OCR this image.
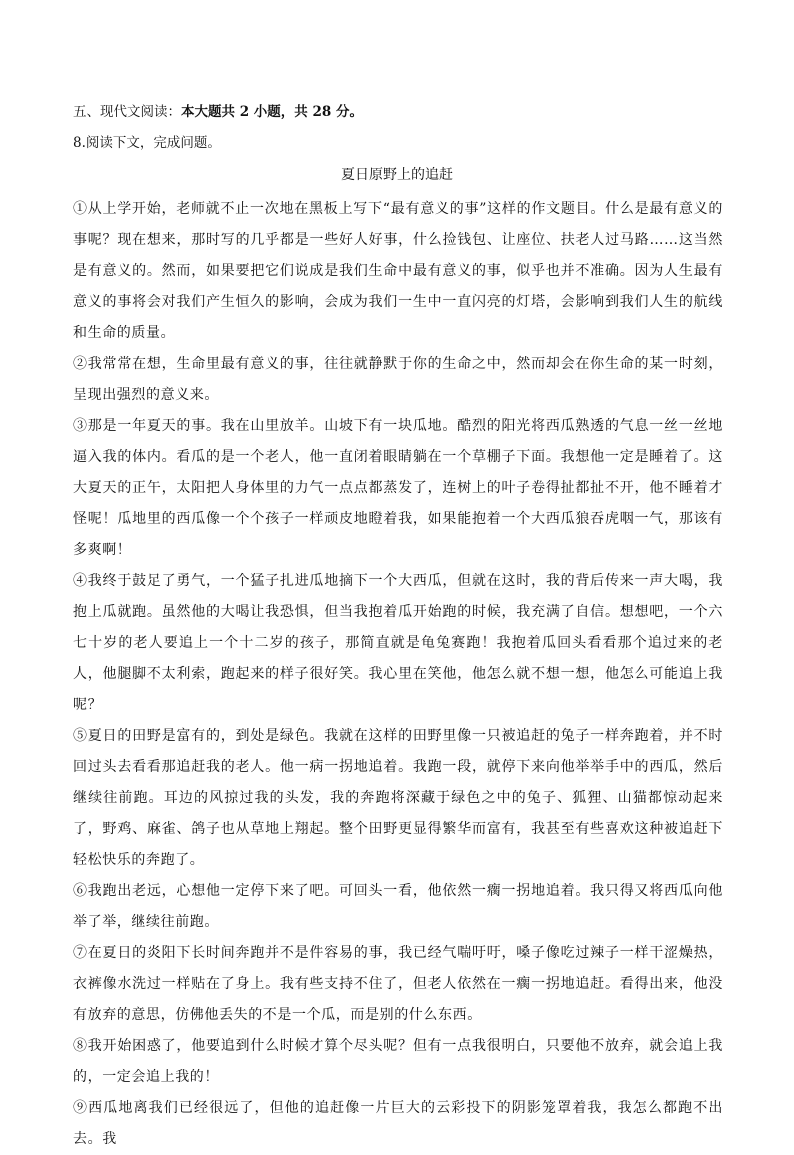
五、现代文阅读：本大题共 2 小题，共 28 分。
8.阅读下文，完成问题。
夏日原野上的追赶

①从上学开始，老师就不止一次地在黑板上写下“最有意义的事”这样的作文题目。什么是最有意义的事呢？现在想来，那时写的几乎都是一些好人好事，什么捡钱包、让座位、扶老人过马路……这当然是有意义的。然而，如果要把它们说成是我们生命中最有意义的事，似乎也并不准确。因为人生最有意义的事将会对我们产生恒久的影响，会成为我们一生中一直闪亮的灯塔，会影响到我们人生的航线和生命的质量。

②我常常在想，生命里最有意义的事，往往就静默于你的生命之中，然而却会在你生命的某一时刻，呈现出强烈的意义来。

③那是一年夏天的事。我在山里放羊。山坡下有一块瓜地。酷烈的阳光将西瓜熟透的气息一丝一丝地逼入我的体内。看瓜的是一个老人，他一直闭着眼睛躺在一个草棚子下面。我想他一定是睡着了。这大夏天的正午，太阳把人身体里的力气一点点都蒸发了，连树上的叶子卷得扯都扯不开，他不睡着才怪呢！瓜地里的西瓜像一个个孩子一样顽皮地瞪着我，如果能抱着一个大西瓜狼吞虎咽一气，那该有多爽啊！

④我终于鼓足了勇气，一个猛子扎进瓜地摘下一个大西瓜，但就在这时，我的背后传来一声大喝，我抱上瓜就跑。虽然他的大喝让我恐惧，但当我抱着瓜开始跑的时候，我充满了自信。想想吧，一个六七十岁的老人要追上一个十二岁的孩子，那简直就是龟兔赛跑！我抱着瓜回头看看那个追过来的老人，他腿脚不太利索，跑起来的样子很好笑。我心里在笑他，他怎么就不想一想，他怎么可能追上我呢？

⑤夏日的田野是富有的，到处是绿色。我就在这样的田野里像一只被追赶的兔子一样奔跑着，并不时回过头去看看那追赶我的老人。他一病一拐地追着。我跑一段，就停下来向他举举手中的西瓜，然后继续往前跑。耳边的风掠过我的头发，我的奔跑将深藏于绿色之中的兔子、狐狸、山猫都惊动起来了，野鸡、麻雀、鸽子也从草地上翔起。整个田野更显得繁华而富有，我甚至有些喜欢这种被追赶下轻松快乐的奔跑了。

⑥我跑出老远，心想他一定停下来了吧。可回头一看，他依然一瘸一拐地追着。我只得又将西瓜向他举了举，继续往前跑。

⑦在夏日的炎阳下长时间奔跑并不是件容易的事，我已经气喘吁吁，嗓子像吃过辣子一样干涩燥热，衣裤像水洗过一样贴在了身上。我有些支持不住了，但老人依然在一瘸一拐地追赶。看得出来，他没有放弃的意思，仿佛他丢失的不是一个瓜，而是别的什么东西。

⑧我开始困惑了，他要追到什么时候才算个尽头呢？但有一点我很明白，只要他不放弃，就会追上我的，一定会追上我的！

⑨西瓜地离我们已经很远了，但他的追赶像一片巨大的云彩投下的阴影笼罩着我，我怎么都跑不出去。我
